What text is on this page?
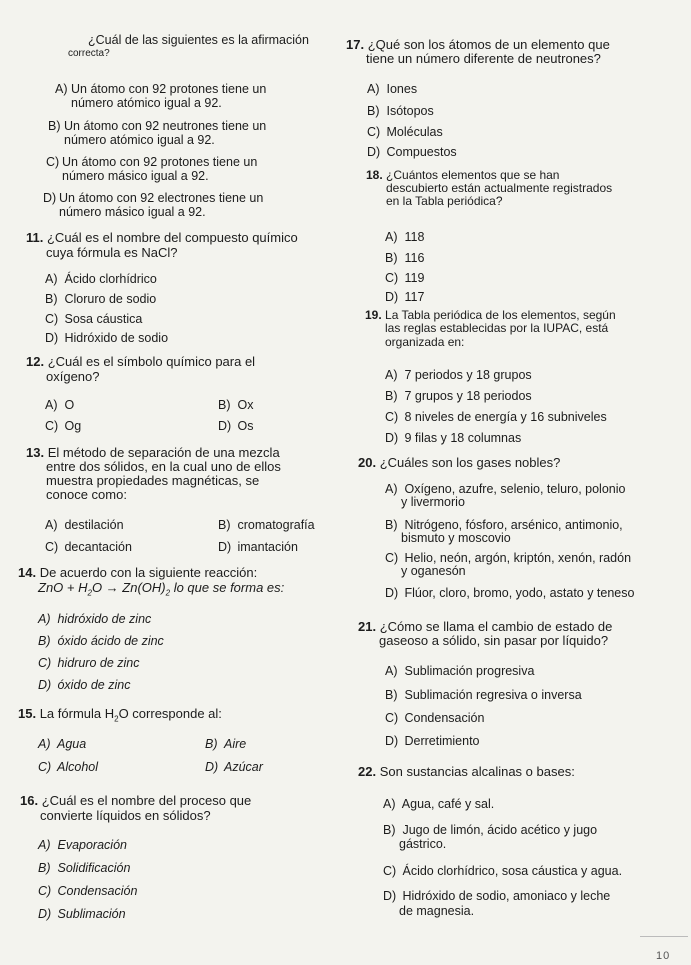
¿Cuál de las siguientes es la afirmación
correcta?
A) Un átomo con 92 protones tiene un
número atómico igual a 92.
B) Un átomo con 92 neutrones tiene un
número atómico igual a 92.
C) Un átomo con 92 protones tiene un
número másico igual a 92.
D) Un átomo con 92 electrones tiene un
número másico igual a 92.
11. ¿Cuál es el nombre del compuesto químico
cuya fórmula es NaCl?
A) Ácido clorhídrico
B) Cloruro de sodio
C) Sosa cáustica
D) Hidróxido de sodio
12. ¿Cuál es el símbolo químico para el
oxígeno?
A) O	B) Ox
C) Og	D) Os
13. El método de separación de una mezcla
entre dos sólidos, en la cual uno de ellos
muestra propiedades magnéticas, se
conoce como:
A) destilación	B) cromatografía
C) decantación	D) imantación
14. De acuerdo con la siguiente reacción:
ZnO + $H_2O \to Zn(OH)_2$ lo que se forma es:
A) hidróxido de zinc
B) óxido ácido de zinc
C) hidruro de zinc
D) óxido de zinc
15. La fórmula $H_2O$ corresponde al:
A) Agua	B) Aire
C) Alcohol	D) Azúcar
16. ¿Cuál es el nombre del proceso que
convierte líquidos en sólidos?
A) Evaporación
B) Solidificación
C) Condensación
D) Sublimación
17. ¿Qué son los átomos de un elemento que
tiene un número diferente de neutrones?
A) Iones
B) Isótopos
C) Moléculas
D) Compuestos
18. ¿Cuántos elementos que se han
descubierto están actualmente registrados
en la Tabla periódica?
A) 118
B) 116
C) 119
D) 117
19. La Tabla periódica de los elementos, según
las reglas establecidas por la IUPAC, está
organizada en:
A) 7 periodos y 18 grupos
B) 7 grupos y 18 periodos
C) 8 niveles de energía y 16 subniveles
D) 9 filas y 18 columnas
20. ¿Cuáles son los gases nobles?
A) Oxígeno, azufre, selenio, teluro, polonio
y livermorio
B) Nitrógeno, fósforo, arsénico, antimonio,
bismuto y moscovio
C) Helio, neón, argón, kriptón, xenón, radón
y oganesón
D) Flúor, cloro, bromo, yodo, astato y teneso
21. ¿Cómo se llama el cambio de estado de
gaseoso a sólido, sin pasar por líquido?
A) Sublimación progresiva
B) Sublimación regresiva o inversa
C) Condensación
D) Derretimiento
22. Son sustancias alcalinas o bases:
A) Agua, café y sal.
B) Jugo de limón, ácido acético y jugo
gástrico.
C) Ácido clorhídrico, sosa cáustica y agua.
D) Hidróxido de sodio, amoniaco y leche
de magnesia.
10
